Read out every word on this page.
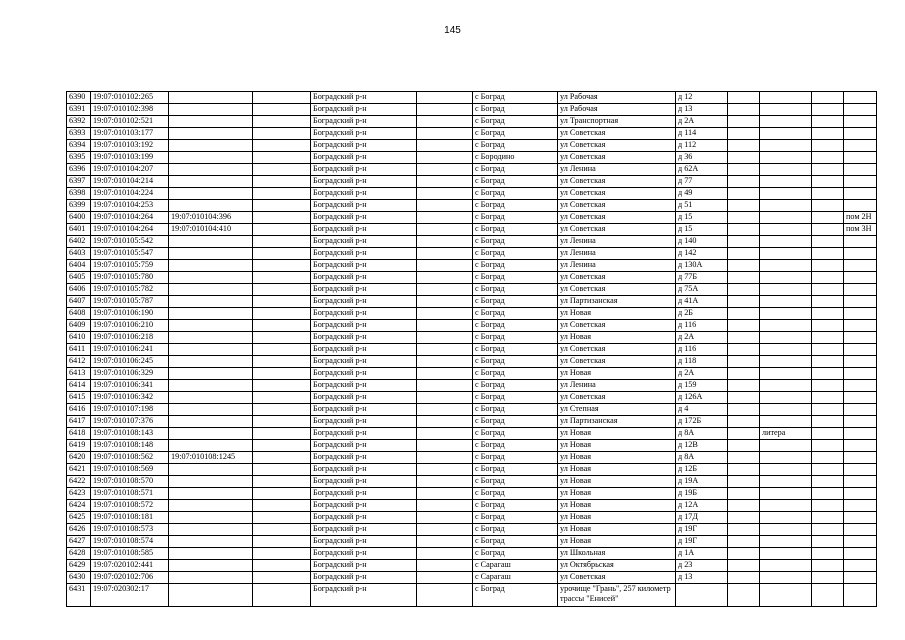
145
6390	19:07:010102:265			Боградский р-н		с Боград	ул Рабочая	д 12				
6391	19:07:010102:398			Боградский р-н		с Боград	ул Рабочая	д 13				
6392	19:07:010102:521			Боградский р-н		с Боград	ул Транспортная	д 2А				
6393	19:07:010103:177			Боградский р-н		с Боград	ул Советская	д 114				
6394	19:07:010103:192			Боградский р-н		с Боград	ул Советская	д 112				
6395	19:07:010103:199			Боградский р-н		с Бородино	ул Советская	д 36				
6396	19:07:010104:207			Боградский р-н		с Боград	ул Ленина	д 62А				
6397	19:07:010104:214			Боградский р-н		с Боград	ул Советская	д 77				
6398	19:07:010104:224			Боградский р-н		с Боград	ул Советская	д 49				
6399	19:07:010104:253			Боградский р-н		с Боград	ул Советская	д 51				
6400	19:07:010104:264	19:07:010104:396		Боградский р-н		с Боград	ул Советская	д 15				пом 2Н
6401	19:07:010104:264	19:07:010104:410		Боградский р-н		с Боград	ул Советская	д 15				пом 3Н
6402	19:07:010105:542			Боградский р-н		с Боград	ул Ленина	д 140				
6403	19:07:010105:547			Боградский р-н		с Боград	ул Ленина	д 142				
6404	19:07:010105:759			Боградский р-н		с Боград	ул Ленина	д 130А				
6405	19:07:010105:780			Боградский р-н		с Боград	ул Советская	д 77Б				
6406	19:07:010105:782			Боградский р-н		с Боград	ул Советская	д 75А				
6407	19:07:010105:787			Боградский р-н		с Боград	ул Партизанская	д 41А				
6408	19:07:010106:190			Боградский р-н		с Боград	ул Новая	д 2Б				
6409	19:07:010106:210			Боградский р-н		с Боград	ул Советская	д 116				
6410	19:07:010106:218			Боградский р-н		с Боград	ул Новая	д 2А				
6411	19:07:010106:241			Боградский р-н		с Боград	ул Советская	д 116				
6412	19:07:010106:245			Боградский р-н		с Боград	ул Советская	д 118				
6413	19:07:010106:329			Боградский р-н		с Боград	ул Новая	д 2А				
6414	19:07:010106:341			Боградский р-н		с Боград	ул Ленина	д 159				
6415	19:07:010106:342			Боградский р-н		с Боград	ул Советская	д 126А				
6416	19:07:010107:198			Боградский р-н		с Боград	ул Степная	д 4				
6417	19:07:010107:376			Боградский р-н		с Боград	ул Партизанская	д 172Б				
6418	19:07:010108:143			Боградский р-н		с Боград	ул Новая	д 8А		литера		
6419	19:07:010108:148			Боградский р-н		с Боград	ул Новая	д 12В				
6420	19:07:010108:562	19:07:010108:1245		Боградский р-н		с Боград	ул Новая	д 8А				
6421	19:07:010108:569			Боградский р-н		с Боград	ул Новая	д 12Б				
6422	19:07:010108:570			Боградский р-н		с Боград	ул Новая	д 19А				
6423	19:07:010108:571			Боградский р-н		с Боград	ул Новая	д 19Б				
6424	19:07:010108:572			Боградский р-н		с Боград	ул Новая	д 12А				
6425	19:07:010108:181			Боградский р-н		с Боград	ул Новая	д 17Д				
6426	19:07:010108:573			Боградский р-н		с Боград	ул Новая	д 19Г				
6427	19:07:010108:574			Боградский р-н		с Боград	ул Новая	д 19Г				
6428	19:07:010108:585			Боградский р-н		с Боград	ул Школьная	д 1А				
6429	19:07:020102:441			Боградский р-н		с Сарагаш	ул Октябрьская	д 23				
6430	19:07:020102:706			Боградский р-н		с Сарагаш	ул Советская	д 13				
6431	19:07:020302:17			Боградский р-н		с Боград	урочище "Грань", 257 километр трассы "Енисей"					
